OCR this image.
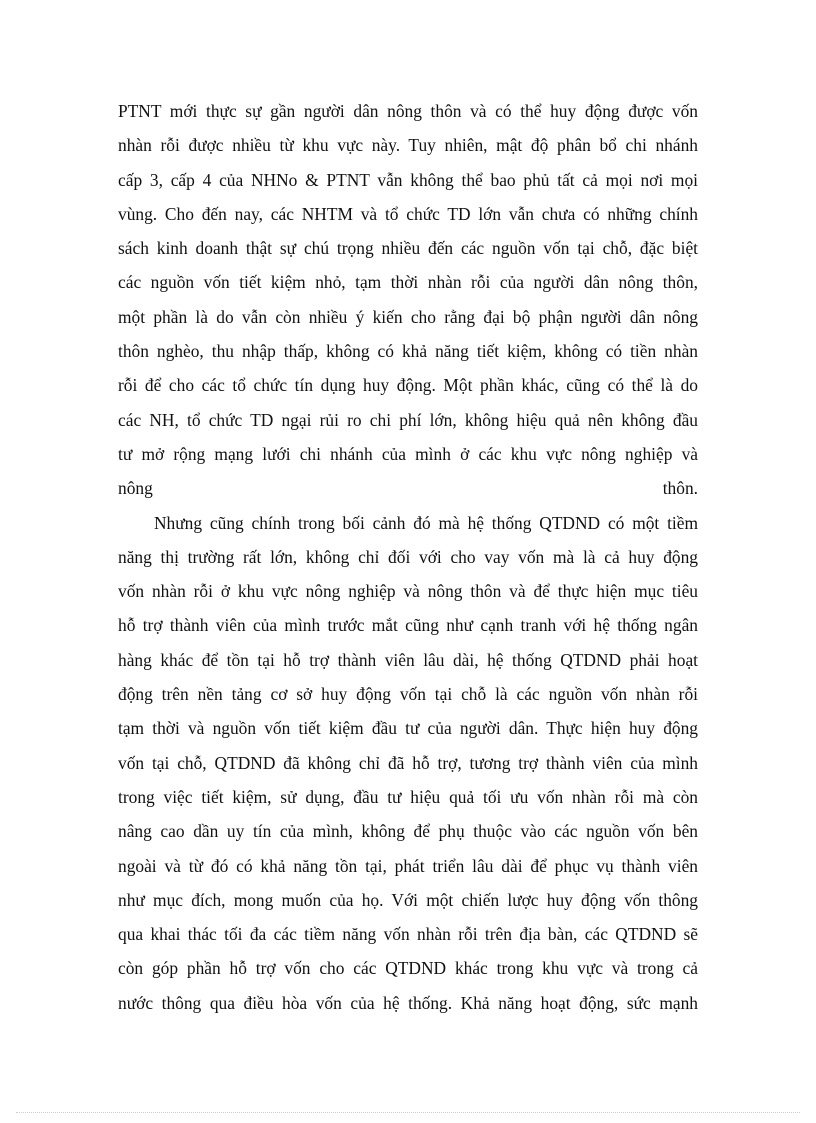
PTNT mới thực sự gần người dân nông thôn và có thể huy động được vốn
nhàn rỗi được nhiều từ khu vực này. Tuy nhiên, mật độ phân bổ chi nhánh
cấp 3, cấp 4 của NHNo & PTNT vẫn không thể bao phủ tất cả mọi nơi mọi
vùng. Cho đến nay, các NHTM và tổ chức TD lớn vẫn chưa có những chính
sách kinh doanh thật sự chú trọng nhiều đến các nguồn vốn tại chỗ, đặc biệt
các nguồn vốn tiết kiệm nhỏ, tạm thời nhàn rỗi của người dân nông thôn,
một phần là do vẫn còn nhiều ý kiến cho rằng đại bộ phận người dân nông
thôn nghèo, thu nhập thấp, không có khả năng tiết kiệm, không có tiền nhàn
rỗi để cho các tổ chức tín dụng huy động. Một phần khác, cũng có thể là do
các NH, tổ chức TD ngại rủi ro chi phí lớn, không hiệu quả nên không đầu
tư mở rộng mạng lưới chi nhánh của mình ở các khu vực nông nghiệp và
nông thôn.

Nhưng cũng chính trong bối cảnh đó mà hệ thống QTDND có một tiềm
năng thị trường rất lớn, không chỉ đối với cho vay vốn mà là cả huy động
vốn nhàn rỗi ở khu vực nông nghiệp và nông thôn và để thực hiện mục tiêu
hỗ trợ thành viên của mình trước mắt cũng như cạnh tranh với hệ thống ngân
hàng khác để tồn tại hỗ trợ thành viên lâu dài, hệ thống QTDND phải hoạt
động trên nền tảng cơ sở huy động vốn tại chỗ là các nguồn vốn nhàn rỗi
tạm thời và nguồn vốn tiết kiệm đầu tư của người dân. Thực hiện huy động
vốn tại chỗ, QTDND đã không chỉ đã hỗ trợ, tương trợ thành viên của mình
trong việc tiết kiệm, sử dụng, đầu tư hiệu quả tối ưu vốn nhàn rỗi mà còn
nâng cao dần uy tín của mình, không để phụ thuộc vào các nguồn vốn bên
ngoài và từ đó có khả năng tồn tại, phát triển lâu dài để phục vụ thành viên
như mục đích, mong muốn của họ. Với một chiến lược huy động vốn thông
qua khai thác tối đa các tiềm năng vốn nhàn rỗi trên địa bàn, các QTDND sẽ
còn góp phần hỗ trợ vốn cho các QTDND khác trong khu vực và trong cả
nước thông qua điều hòa vốn của hệ thống. Khả năng hoạt động, sức mạnh
